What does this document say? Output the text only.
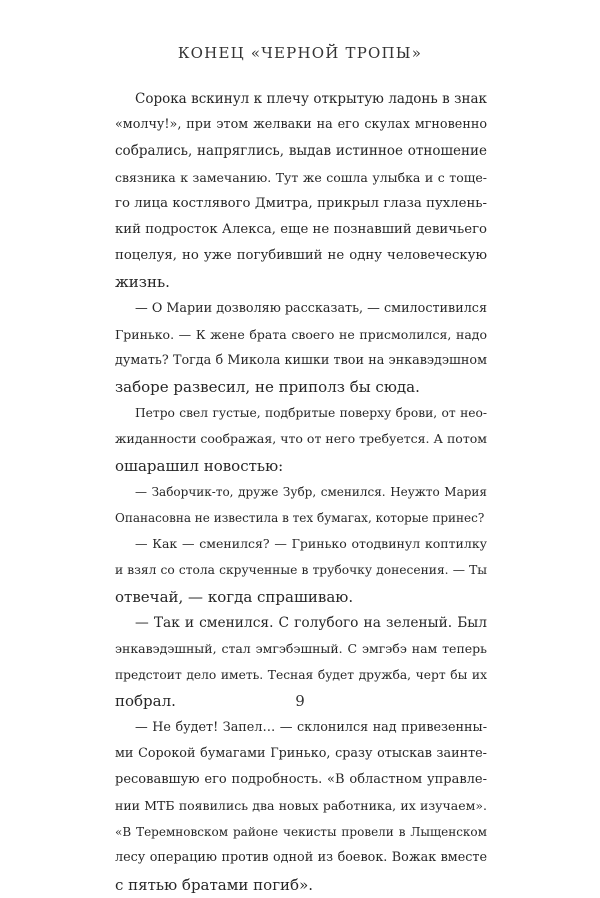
КОНЕЦ «ЧЕРНОЙ ТРОПЫ»
Сорока вскинул к плечу открытую ладонь в знак
«молчу!», при этом желваки на его скулах мгновенно
собрались, напряглись, выдав истинное отношение
связника к замечанию. Тут же сошла улыбка и с тоще-
го лица костлявого Дмитра, прикрыл глаза пухлень-
кий подросток Алекса, еще не познавший девичьего
поцелуя, но уже погубивший не одну человеческую
жизнь.
— О Марии дозволяю рассказать, — смилостивился
Гринько. — К жене брата своего не присмолился, надо
думать? Тогда б Микола кишки твои на энкавэдэшном
заборе развесил, не приполз бы сюда.
Петро свел густые, подбритые поверху брови, от нео-
жиданности соображая, что от него требуется. А потом
ошарашил новостью:
— Заборчик-то, друже Зубр, сменился. Неужто Мария
Опанасовна не известила в тех бумагах, которые принес?
— Как — сменился? — Гринько отодвинул коптилку
и взял со стола скрученные в трубочку донесения. — Ты
отвечай, — когда спрашиваю.
— Так и сменился. С голубого на зеленый. Был
энкавэдэшный, стал эмгэбэшный. С эмгэбэ нам теперь
предстоит дело иметь. Тесная будет дружба, черт бы их
побрал.
— Не будет! Запел… — склонился над привезенны-
ми Сорокой бумагами Гринько, сразу отыскав заинте-
ресовавшую его подробность. «В областном управле-
нии МТБ появились два новых работника, их изучаем».
«В Теремновском районе чекисты провели в Лыщенском
лесу операцию против одной из боевок. Вожак вместе
с пятью братами погиб».
9
